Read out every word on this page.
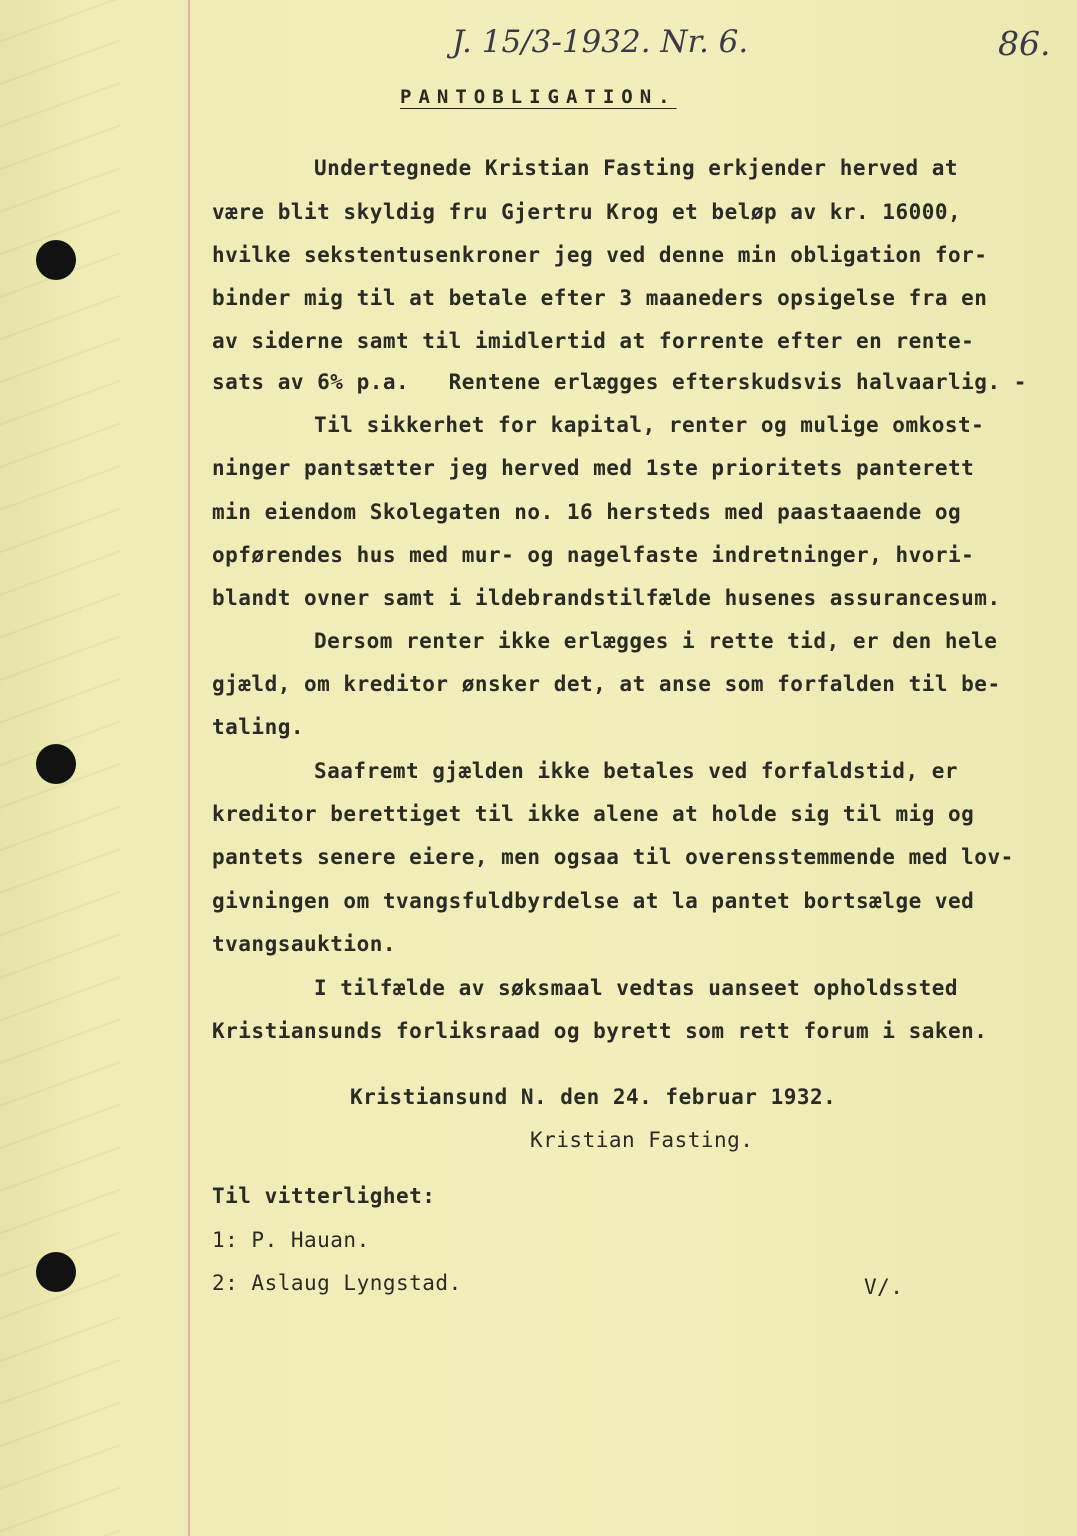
J. 15/3-1932. Nr. 6.	86.
PANTOBLIGATION.
Undertegnede Kristian Fasting erkjender herved at
være blit skyldig fru Gjertru Krog et beløp av kr. 16000,
hvilke sekstentusenkroner jeg ved denne min obligation for-
binder mig til at betale efter 3 maaneders opsigelse fra en
av siderne samt til imidlertid at forrente efter en rente-
sats av 6% p.a.   Rentene erlægges efterskudsvis halvaarlig. -
Til sikkerhet for kapital, renter og mulige omkost-
ninger pantsætter jeg herved med 1ste prioritets panterett
min eiendom Skolegaten no. 16 hersteds med paastaaende og
opførendes hus med mur- og nagelfaste indretninger, hvori-
blandt ovner samt i ildebrandstilfælde husenes assurancesum.
Dersom renter ikke erlægges i rette tid, er den hele
gjæld, om kreditor ønsker det, at anse som forfalden til be-
taling.
Saafremt gjælden ikke betales ved forfaldstid, er
kreditor berettiget til ikke alene at holde sig til mig og
pantets senere eiere, men ogsaa til overensstemmende med lov-
givningen om tvangsfuldbyrdelse at la pantet bortsælge ved
tvangsauktion.
I tilfælde av søksmaal vedtas uanseet opholdssted
Kristiansunds forliksraad og byrett som rett forum i saken.
Kristiansund N. den 24. februar 1932.
Kristian Fasting.
Til vitterlighet:
1: P. Hauan.
2: Aslaug Lyngstad.	V/.
